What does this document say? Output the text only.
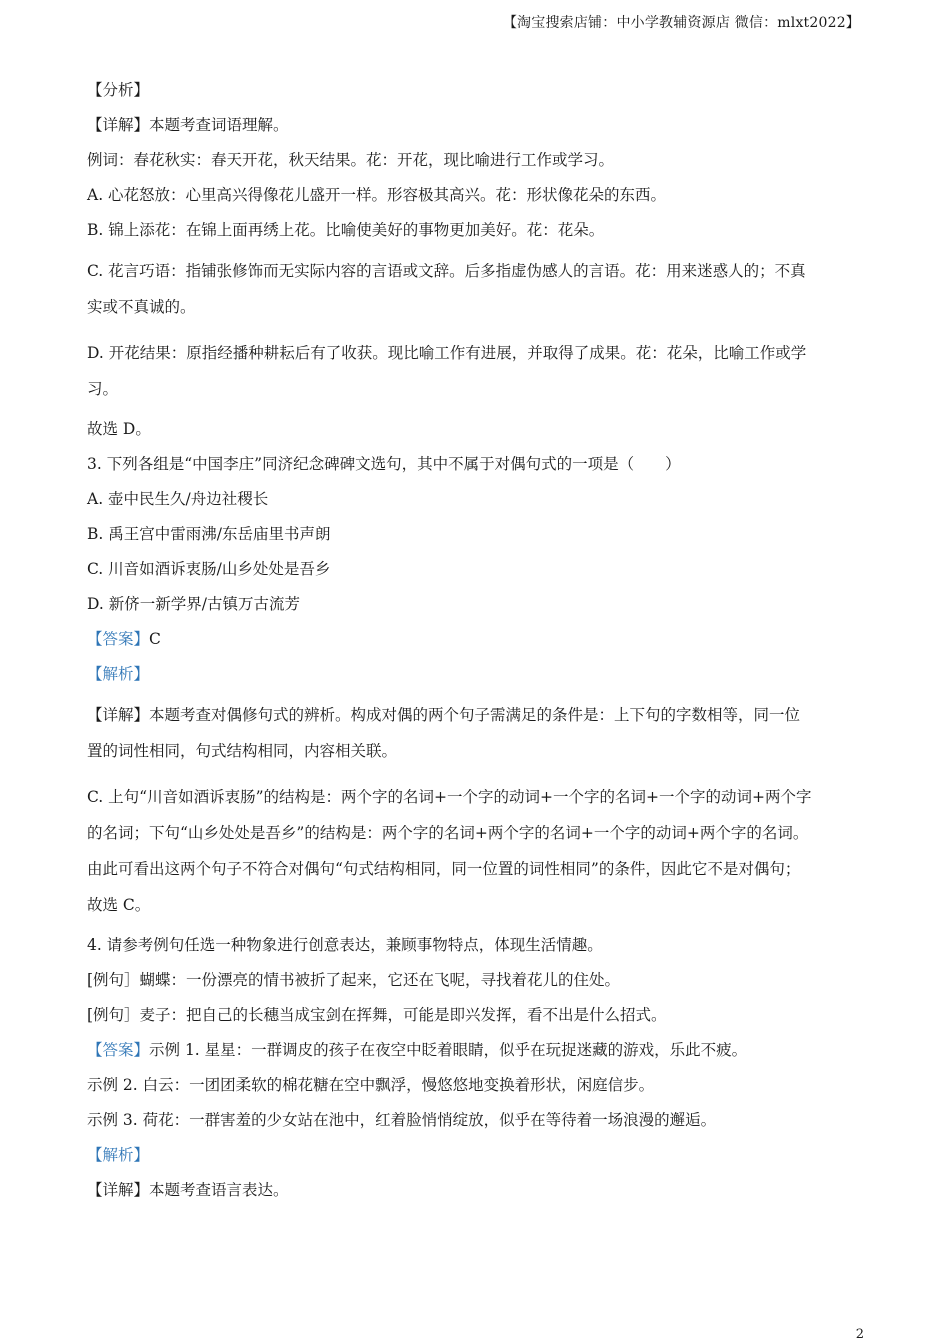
【淘宝搜索店铺：中小学教辅资源店 微信：mlxt2022】
【分析】
【详解】本题考查词语理解。
例词：春花秋实：春天开花，秋天结果。花：开花，现比喻进行工作或学习。
A. 心花怒放：心里高兴得像花儿盛开一样。形容极其高兴。花：形状像花朵的东西。
B. 锦上添花：在锦上面再绣上花。比喻使美好的事物更加美好。花：花朵。
C. 花言巧语：指铺张修饰而无实际内容的言语或文辞。后多指虚伪感人的言语。花：用来迷惑人的；不真
实或不真诚的。
D. 开花结果：原指经播种耕耘后有了收获。现比喻工作有进展，并取得了成果。花：花朵，比喻工作或学
习。
故选 D。
3. 下列各组是“中国李庄”同济纪念碑碑文选句，其中不属于对偶句式的一项是（　　）
A. 壶中民生久/舟边社稷长
B. 禹王宫中雷雨沸/东岳庙里书声朗
C. 川音如酒诉衷肠/山乡处处是吾乡
D. 新侪一新学界/古镇万古流芳
【答案】C
【解析】
【详解】本题考查对偶修句式的辨析。构成对偶的两个句子需满足的条件是：上下句的字数相等，同一位
置的词性相同，句式结构相同，内容相关联。
C. 上句“川音如酒诉衷肠”的结构是：两个字的名词+一个字的动词+一个字的名词+一个字的动词+两个字
的名词；下句“山乡处处是吾乡”的结构是：两个字的名词+两个字的名词+一个字的动词+两个字的名词。
由此可看出这两个句子不符合对偶句“句式结构相同，同一位置的词性相同”的条件，因此它不是对偶句；
故选 C。
4. 请参考例句任选一种物象进行创意表达，兼顾事物特点，体现生活情趣。
[例句］蝴蝶：一份漂亮的情书被折了起来，它还在飞呢，寻找着花儿的住处。
[例句］麦子：把自己的长穗当成宝剑在挥舞，可能是即兴发挥，看不出是什么招式。
【答案】示例 1. 星星：一群调皮的孩子在夜空中眨着眼睛，似乎在玩捉迷藏的游戏，乐此不疲。
示例 2. 白云：一团团柔软的棉花糖在空中飘浮，慢悠悠地变换着形状，闲庭信步。
示例 3. 荷花：一群害羞的少女站在池中，红着脸悄悄绽放，似乎在等待着一场浪漫的邂逅。
【解析】
【详解】本题考查语言表达。
2
